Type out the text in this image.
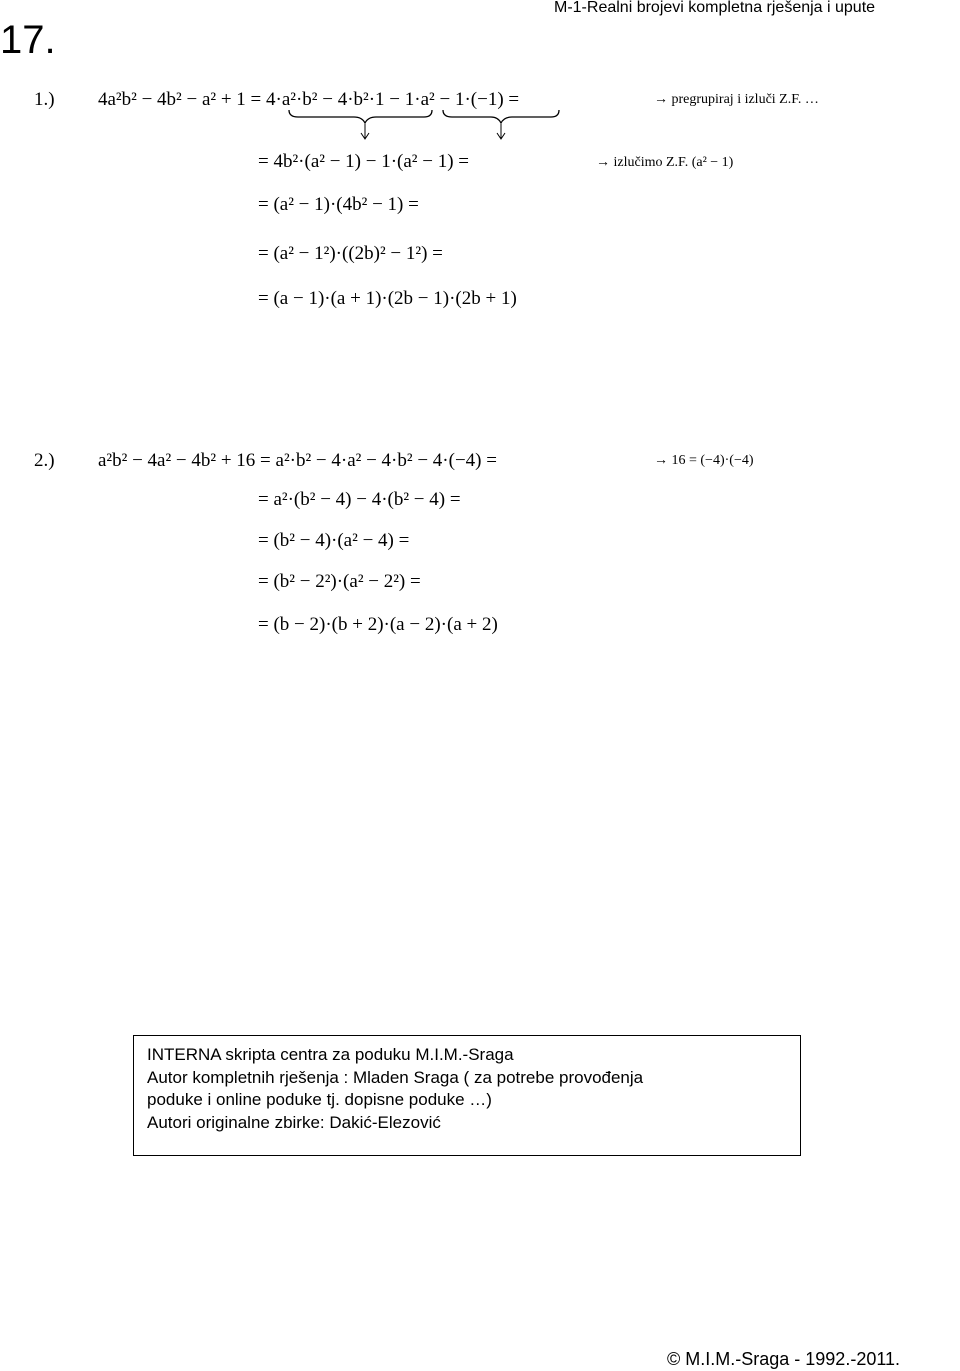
17.
M-1-Realni brojevi kompletna rješenja i upute
1.) 4a²b² − 4b² − a² + 1 = 4·a²·b² − 4·b²·1 − 1·a² − 1·(−1) =	→ pregrupiraj i izluči Z.F. …
= 4b²·(a² − 1) − 1·(a² − 1) =	→ izlučimo Z.F. (a² − 1)
= (a² − 1)·(4b² − 1) =
= (a² − 1²)·((2b)² − 1²) =
= (a − 1)·(a + 1)·(2b − 1)·(2b + 1)
2.) a²b² − 4a² − 4b² + 16 = a²·b² − 4·a² − 4·b² − 4·(−4) =	→ 16 = (−4)·(−4)
= a²·(b² − 4) − 4·(b² − 4) =
= (b² − 4)·(a² − 4) =
= (b² − 2²)·(a² − 2²) =
= (b − 2)·(b + 2)·(a − 2)·(a + 2)
INTERNA skripta centra za poduku M.I.M.-Sraga
Autor kompletnih rješenja : Mladen Sraga ( za potrebe provođenja
poduke i online poduke tj. dopisne poduke …)
Autori originalne zbirke: Dakić-Elezović
© M.I.M.-Sraga - 1992.-2011.
